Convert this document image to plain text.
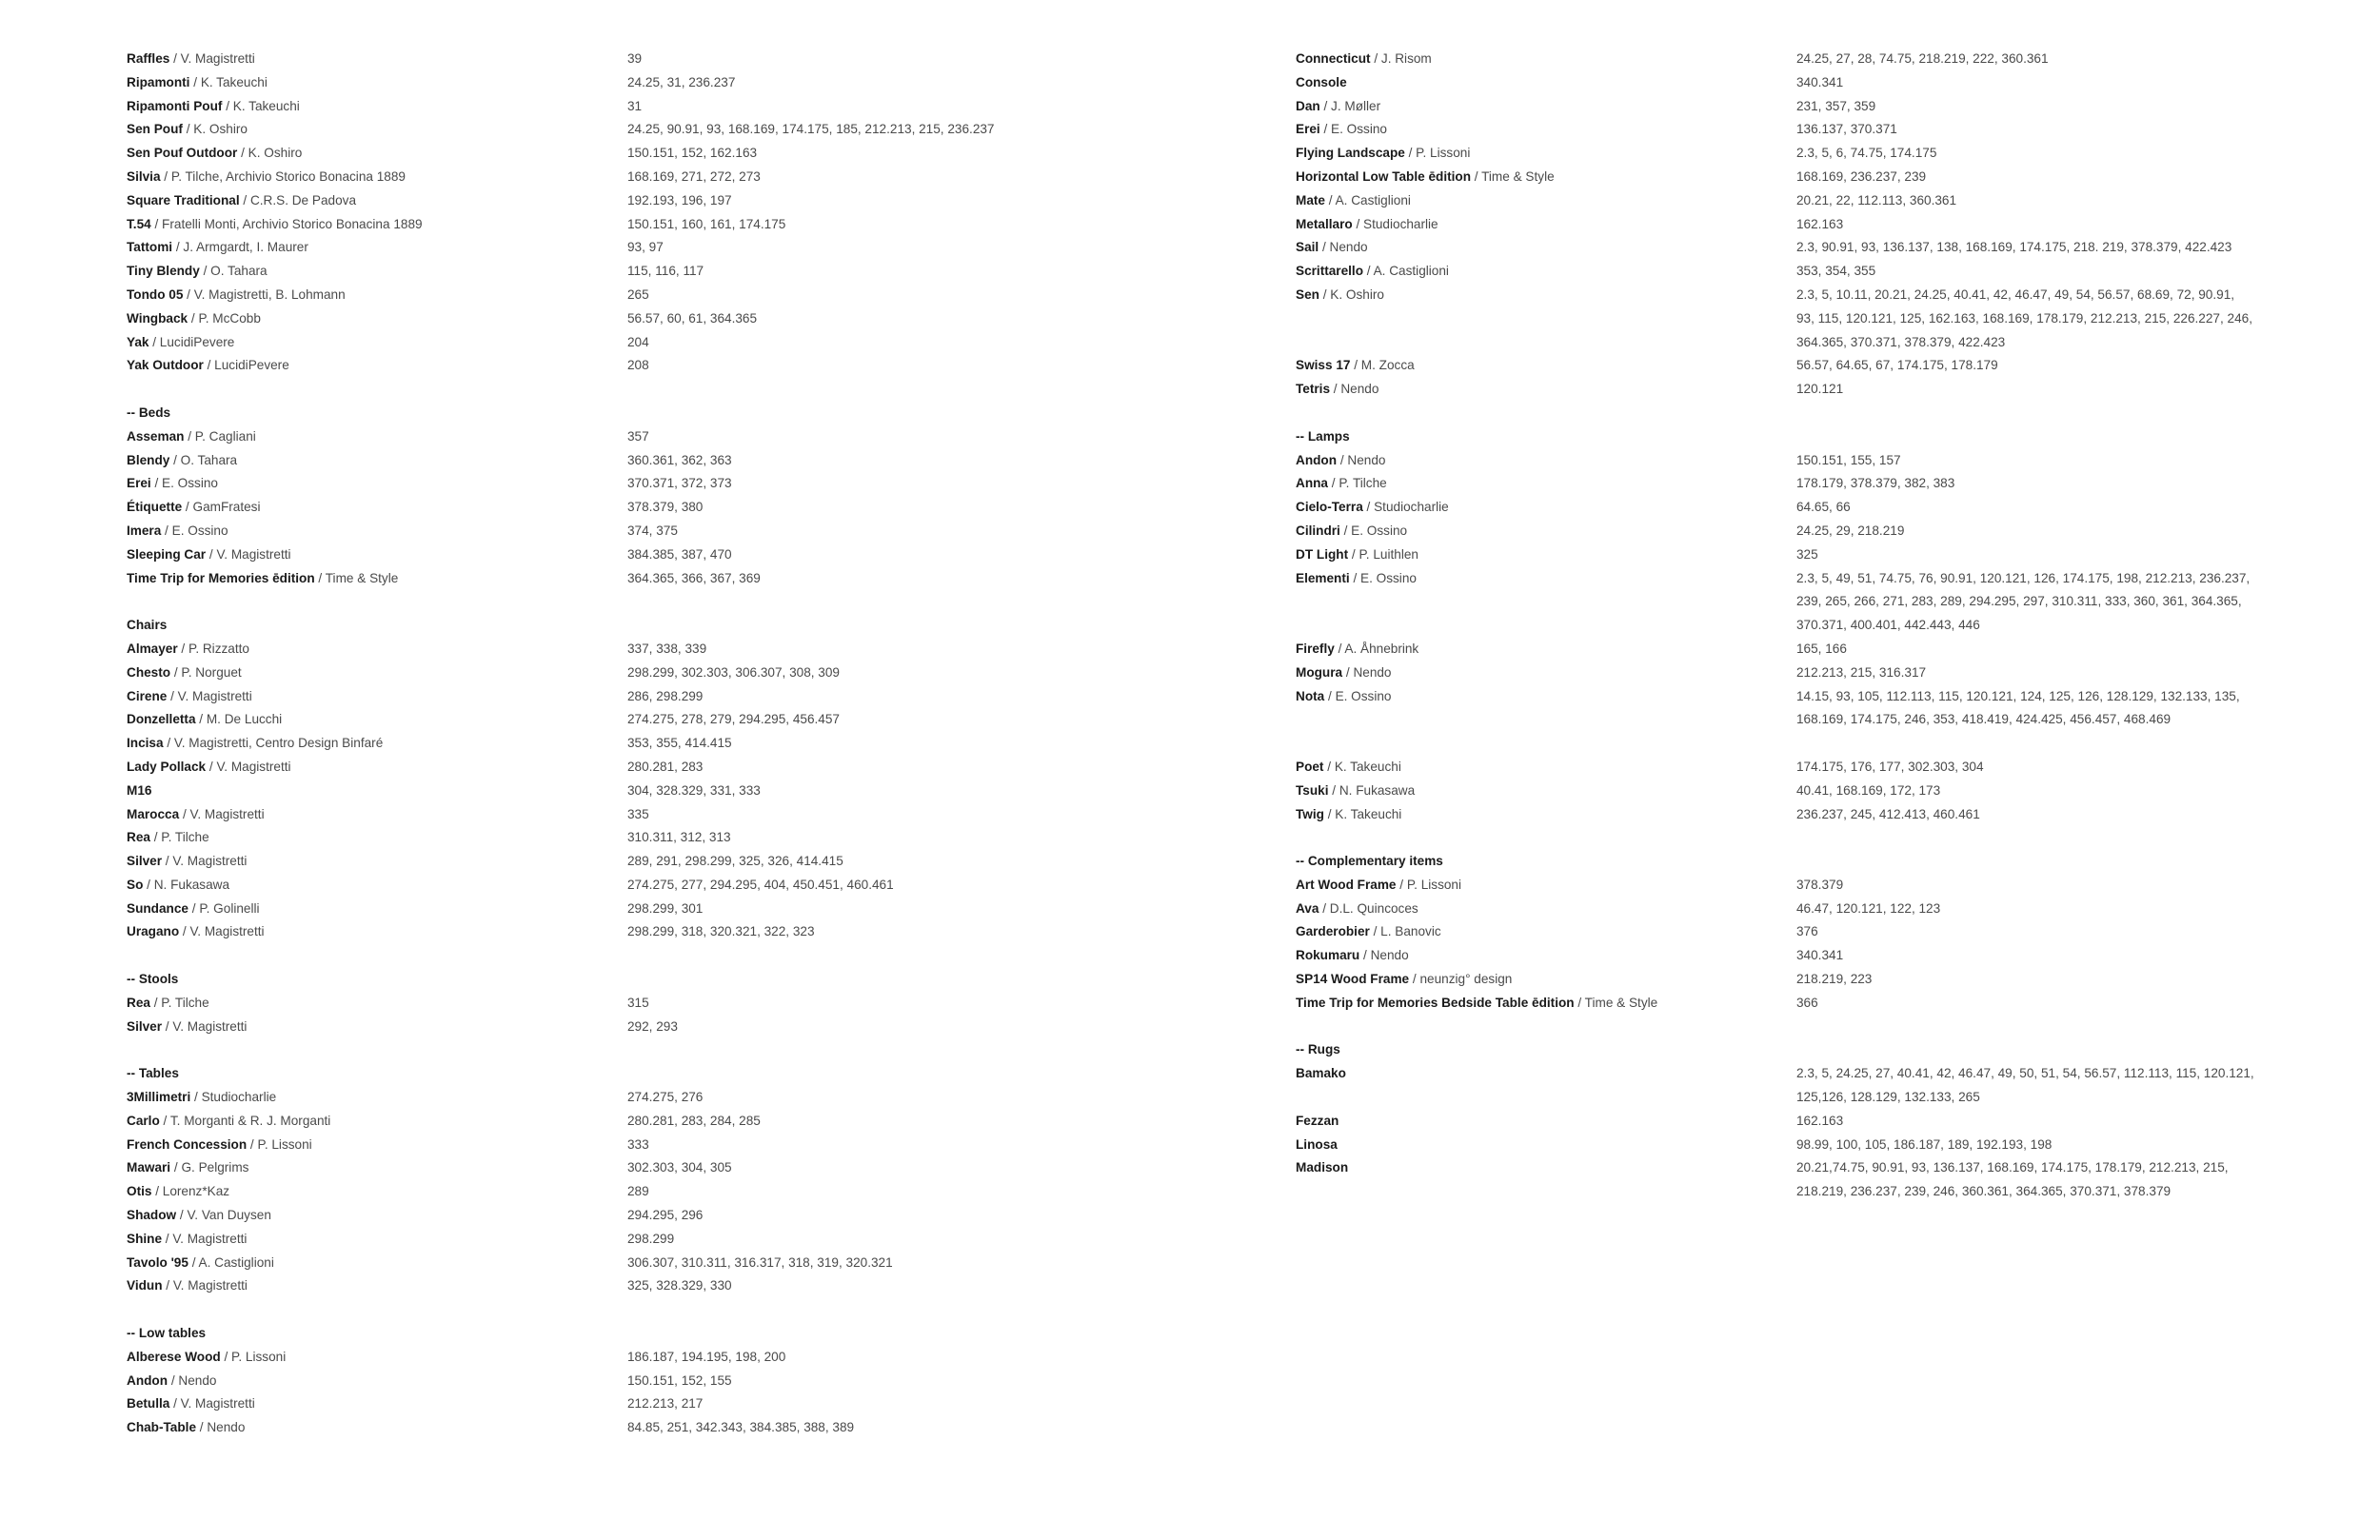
Raffles / V. Magistretti	39
Ripamonti / K. Takeuchi	24.25, 31, 236.237
Ripamonti Pouf / K. Takeuchi	31
Sen Pouf / K. Oshiro	24.25, 90.91, 93, 168.169, 174.175, 185, 212.213, 215, 236.237
Sen Pouf Outdoor / K. Oshiro	150.151, 152, 162.163
Silvia / P. Tilche, Archivio Storico Bonacina 1889	168.169, 271, 272, 273
Square Traditional / C.R.S. De Padova	192.193, 196, 197
T.54 / Fratelli Monti, Archivio Storico Bonacina 1889	150.151, 160, 161, 174.175
Tattomi / J. Armgardt, I. Maurer	93, 97
Tiny Blendy / O. Tahara	115, 116, 117
Tondo 05 / V. Magistretti, B. Lohmann	265
Wingback / P. McCobb	56.57, 60, 61, 364.365
Yak / LucidiPevere	204
Yak Outdoor / LucidiPevere	208
-- Beds
Asseman / P. Cagliani	357
Blendy / O. Tahara	360.361, 362, 363
Erei / E. Ossino	370.371, 372, 373
Étiquette / GamFratesi	378.379, 380
Imera / E. Ossino	374, 375
Sleeping Car / V. Magistretti	384.385, 387, 470
Time Trip for Memories ēdition / Time & Style	364.365, 366, 367, 369
Chairs
Almayer / P. Rizzatto	337, 338, 339
Chesto / P. Norguet	298.299, 302.303, 306.307, 308, 309
Cirene / V. Magistretti	286, 298.299
Donzelletta / M. De Lucchi	274.275, 278, 279, 294.295, 456.457
Incisa / V. Magistretti, Centro Design Binfaré	353, 355, 414.415
Lady Pollack / V. Magistretti	280.281, 283
M16	304, 328.329, 331, 333
Marocca / V. Magistretti	335
Rea / P. Tilche	310.311, 312, 313
Silver / V. Magistretti	289, 291, 298.299, 325, 326, 414.415
So / N. Fukasawa	274.275, 277, 294.295, 404, 450.451, 460.461
Sundance / P. Golinelli	298.299, 301
Uragano / V. Magistretti	298.299, 318, 320.321, 322, 323
-- Stools
Rea / P. Tilche	315
Silver / V. Magistretti	292, 293
-- Tables
3Millimetri / Studiocharlie	274.275, 276
Carlo / T. Morganti & R. J. Morganti	280.281, 283, 284, 285
French Concession / P. Lissoni	333
Mawari / G. Pelgrims	302.303, 304, 305
Otis / Lorenz*Kaz	289
Shadow / V. Van Duysen	294.295, 296
Shine / V. Magistretti	298.299
Tavolo '95 / A. Castiglioni	306.307, 310.311, 316.317, 318, 319, 320.321
Vidun / V. Magistretti	325, 328.329, 330
-- Low tables
Alberese Wood / P. Lissoni	186.187, 194.195, 198, 200
Andon / Nendo	150.151, 152, 155
Betulla / V. Magistretti	212.213, 217
Chab-Table / Nendo	84.85, 251, 342.343, 384.385, 388, 389
Connecticut / J. Risom	24.25, 27, 28, 74.75, 218.219, 222, 360.361
Console	340.341
Dan / J. Møller	231, 357, 359
Erei / E. Ossino	136.137, 370.371
Flying Landscape / P. Lissoni	2.3, 5, 6, 74.75, 174.175
Horizontal Low Table ēdition / Time & Style	168.169, 236.237, 239
Mate / A. Castiglioni	20.21, 22, 112.113, 360.361
Metallaro / Studiocharlie	162.163
Sail / Nendo	2.3, 90.91, 93, 136.137, 138, 168.169, 174.175, 218. 219, 378.379, 422.423
Scrittarello / A. Castiglioni	353, 354, 355
Sen / K. Oshiro	2.3, 5, 10.11, 20.21, 24.25, 40.41, 42, 46.47, 49, 54, 56.57, 68.69, 72, 90.91,
93, 115, 120.121, 125, 162.163, 168.169, 178.179, 212.213, 215, 226.227, 246,
364.365, 370.371, 378.379, 422.423
Swiss 17 / M. Zocca	56.57, 64.65, 67, 174.175, 178.179
Tetris / Nendo	120.121
-- Lamps
Andon / Nendo	150.151, 155, 157
Anna / P. Tilche	178.179, 378.379, 382, 383
Cielo-Terra / Studiocharlie	64.65, 66
Cilindri / E. Ossino	24.25, 29, 218.219
DT Light / P. Luithlen	325
Elementi / E. Ossino	2.3, 5, 49, 51, 74.75, 76, 90.91, 120.121, 126, 174.175, 198, 212.213, 236.237,
239, 265, 266, 271, 283, 289, 294.295, 297, 310.311, 333, 360, 361, 364.365,
370.371, 400.401, 442.443, 446
Firefly / A. Åhnebrink	165, 166
Mogura / Nendo	212.213, 215, 316.317
Nota / E. Ossino	14.15, 93, 105, 112.113, 115, 120.121, 124, 125, 126, 128.129, 132.133, 135,
168.169, 174.175, 246, 353, 418.419, 424.425, 456.457, 468.469
Poet / K. Takeuchi	174.175, 176, 177, 302.303, 304
Tsuki / N. Fukasawa	40.41, 168.169, 172, 173
Twig / K. Takeuchi	236.237, 245, 412.413, 460.461
-- Complementary items
Art Wood Frame / P. Lissoni	378.379
Ava / D.L. Quincoces	46.47, 120.121, 122, 123
Garderobier / L. Banovic	376
Rokumaru / Nendo	340.341
SP14 Wood Frame / neunzig° design	218.219, 223
Time Trip for Memories Bedside Table ēdition / Time & Style	366
-- Rugs
Bamako	2.3, 5, 24.25, 27, 40.41, 42, 46.47, 49, 50, 51, 54, 56.57, 112.113, 115, 120.121,
125,126, 128.129, 132.133, 265
Fezzan	162.163
Linosa	98.99, 100, 105, 186.187, 189, 192.193, 198
Madison	20.21,74.75, 90.91, 93, 136.137, 168.169, 174.175, 178.179, 212.213, 215,
218.219, 236.237, 239, 246, 360.361, 364.365, 370.371, 378.379
